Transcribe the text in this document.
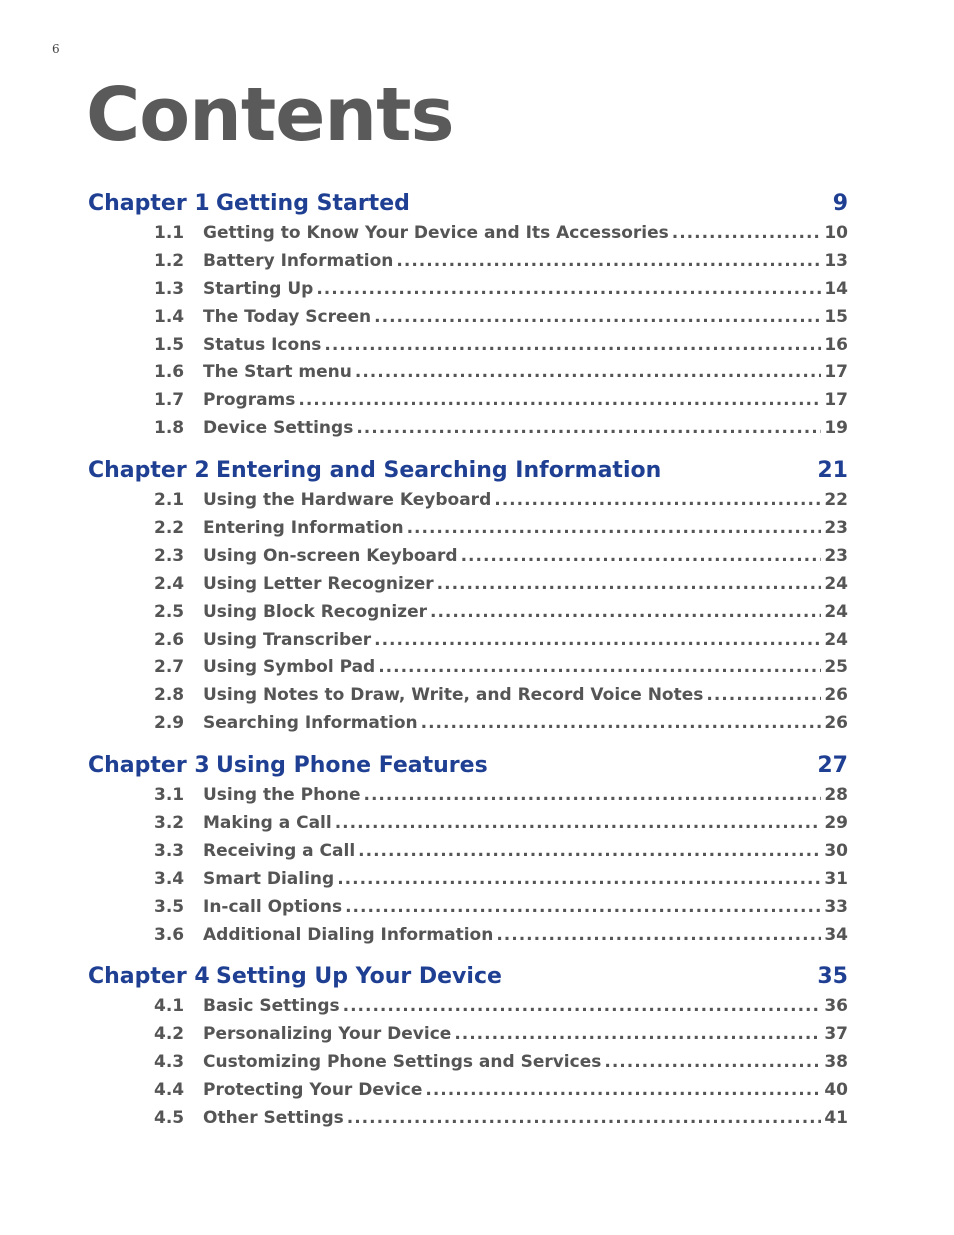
6
Contents
Chapter 1 Getting Started	9
1.1	Getting to Know Your Device and Its Accessories .....	10
1.2	Battery Information .....	13
1.3	Starting Up .....	14
1.4	The Today Screen .....	15
1.5	Status Icons .....	16
1.6	The Start menu .....	17
1.7	Programs .....	17
1.8	Device Settings .....	19
Chapter 2 Entering and Searching Information	21
2.1	Using the Hardware Keyboard .....	22
2.2	Entering Information .....	23
2.3	Using On-screen Keyboard .....	23
2.4	Using Letter Recognizer .....	24
2.5	Using Block Recognizer .....	24
2.6	Using Transcriber .....	24
2.7	Using Symbol Pad .....	25
2.8	Using Notes to Draw, Write, and Record Voice Notes .....	26
2.9	Searching Information .....	26
Chapter 3 Using Phone Features	27
3.1	Using the Phone .....	28
3.2	Making a Call .....	29
3.3	Receiving a Call .....	30
3.4	Smart Dialing .....	31
3.5	In-call Options .....	33
3.6	Additional Dialing Information .....	34
Chapter 4 Setting Up Your Device	35
4.1	Basic Settings .....	36
4.2	Personalizing Your Device .....	37
4.3	Customizing Phone Settings and Services .....	38
4.4	Protecting Your Device .....	40
4.5	Other Settings .....	41
